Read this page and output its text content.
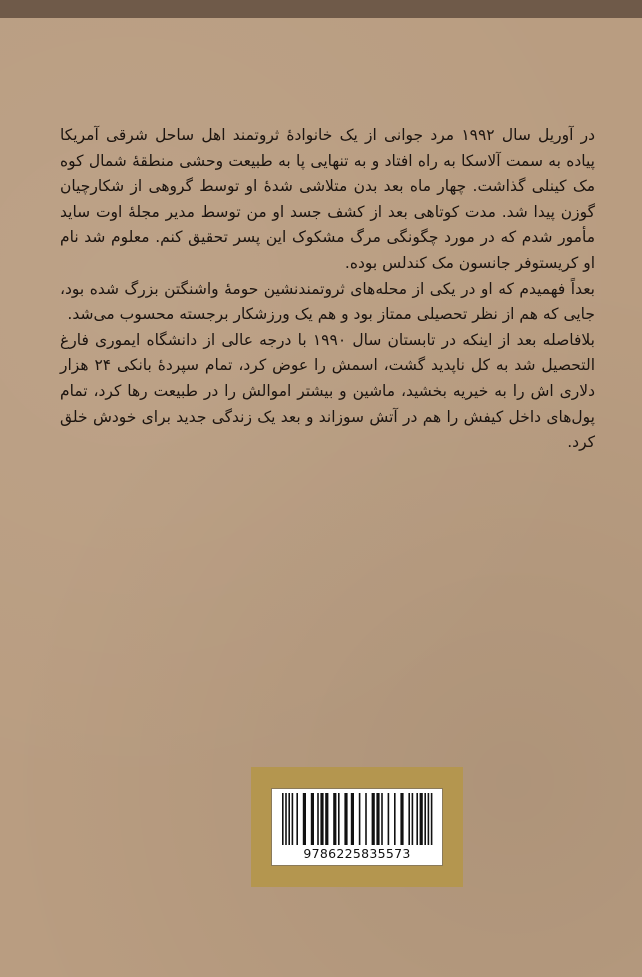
در آوریل سال ۱۹۹۲ مرد جوانی از یک خانوادهٔ ثروتمند اهل ساحل شرقی آمریکا پیاده به سمت آلاسکا به راه افتاد و به تنهایی پا به طبیعت وحشی منطقهٔ شمال کوه مک کینلی گذاشت. چهار ماه بعد بدن متلاشی شدهٔ او توسط گروهی از شکارچیان گوزن پیدا شد. مدت کوتاهی بعد از کشف جسد او من توسط مدیر مجلهٔ اوت ساید مأمور شدم که در مورد چگونگی مرگ مشکوک این پسر تحقیق کنم. معلوم شد نام او کریستوفر جانسون مک کندلس بوده.

بعداً فهمیدم که او در یکی از محله‌های ثروتمندنشین حومهٔ واشنگتن بزرگ شده بود، جایی که هم از نظر تحصیلی ممتاز بود و هم یک ورزشکار برجسته محسوب می‌شد.

بلافاصله بعد از اینکه در تابستان سال ۱۹۹۰ با درجه عالی از دانشگاه ایموری فارغ التحصیل شد به کل ناپدید گشت، اسمش را عوض کرد، تمام سپردهٔ بانکی ۲۴ هزار دلاری اش را به خیریه بخشید، ماشین و بیشتر اموالش را در طبیعت رها کرد، تمام پول‌های داخل کیفش را هم در آتش سوزاند و بعد یک زندگی جدید برای خودش خلق کرد.

9786225835573
